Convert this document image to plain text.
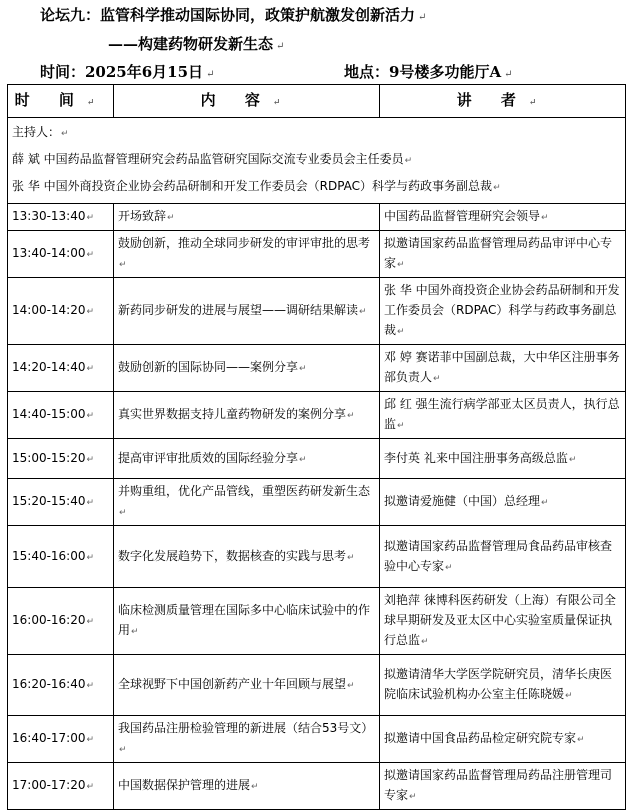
论坛九：监管科学推动国际协同，政策护航激发创新活力 ↵
——构建药物研发新生态 ↵
时间：2025年6月15日 ↵	地点：9号楼多功能厅A ↵
时 间↵	内 容↵	讲 者↵

主持人：↵
薛 斌 中国药品监督管理研究会药品监管研究国际交流专业委员会主任委员↵
张 华 中国外商投资企业协会药品研制和开发工作委员会（RDPAC）科学与药政事务副总裁↵		

13:30-13:40↵	开场致辞↵	中国药品监督管理研究会领导↵
13:40-14:00↵	鼓励创新，推动全球同步研发的审评审批的思考↵	拟邀请国家药品监督管理局药品审评中心专家↵
14:00-14:20↵	新药同步研发的进展与展望——调研结果解读↵	张 华 中国外商投资企业协会药品研制和开发工作委员会（RDPAC）科学与药政事务副总裁↵
14:20-14:40↵	鼓励创新的国际协同——案例分享↵	邓 婷 赛诺菲中国副总裁，大中华区注册事务部负责人↵
14:40-15:00↵	真实世界数据支持儿童药物研发的案例分享↵	邱 红 强生流行病学部亚太区员责人，执行总监↵
15:00-15:20↵	提高审评审批质效的国际经验分享↵	李付英 礼来中国注册事务高级总监↵
15:20-15:40↵	并购重组，优化产品管线，重塑医药研发新生态↵	拟邀请爱施健（中国）总经理↵
15:40-16:00↵	数字化发展趋势下，数据核查的实践与思考↵	拟邀请国家药品监督管理局食品药品审核查验中心专家↵
16:00-16:20↵	临床检测质量管理在国际多中心临床试验中的作用↵	刘艳萍 徕博科医药研发（上海）有限公司全球早期研发及亚太区中心实验室质量保证执行总监↵
16:20-16:40↵	全球视野下中国创新药产业十年回顾与展望↵	拟邀请清华大学医学院研究员，清华长庚医院临床试验机构办公室主任陈晓媛↵
16:40-17:00↵	我国药品注册检验管理的新进展（结合53号文）↵	拟邀请中国食品药品检定研究院专家↵
17:00-17:20↵	中国数据保护管理的进展↵	拟邀请国家药品监督管理局药品注册管理司专家↵
